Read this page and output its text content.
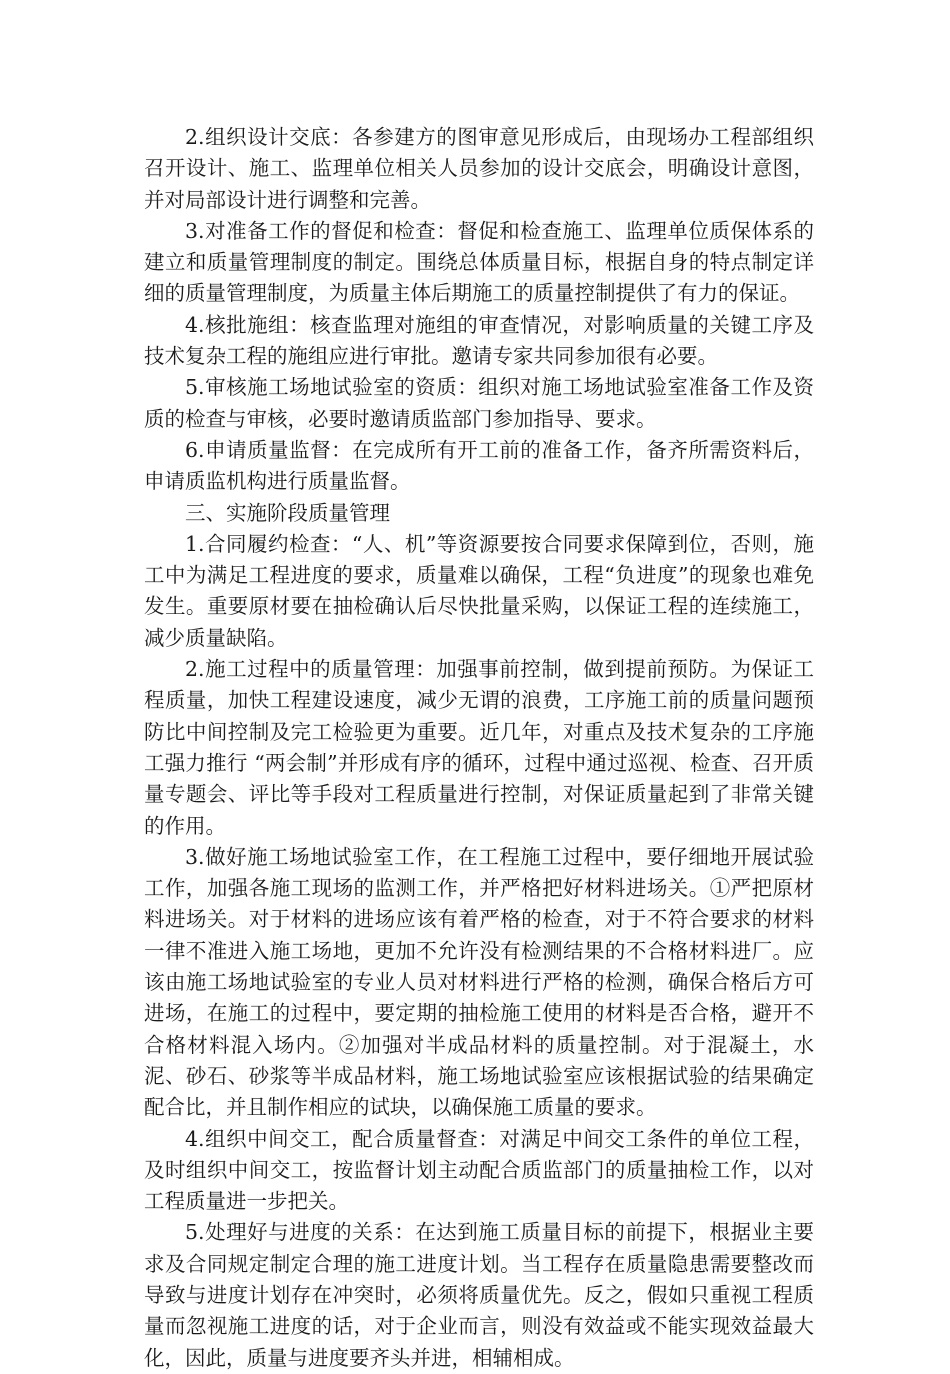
2.组织设计交底：各参建方的图审意见形成后，由现场办工程部组织召开设计、施工、监理单位相关人员参加的设计交底会，明确设计意图，并对局部设计进行调整和完善。

3.对准备工作的督促和检查：督促和检查施工、监理单位质保体系的建立和质量管理制度的制定。围绕总体质量目标，根据自身的特点制定详细的质量管理制度，为质量主体后期施工的质量控制提供了有力的保证。

4.核批施组：核查监理对施组的审查情况，对影响质量的关键工序及技术复杂工程的施组应进行审批。邀请专家共同参加很有必要。

5.审核施工场地试验室的资质：组织对施工场地试验室准备工作及资质的检查与审核，必要时邀请质监部门参加指导、要求。

6.申请质量监督：在完成所有开工前的准备工作，备齐所需资料后，申请质监机构进行质量监督。

三、实施阶段质量管理

1.合同履约检查：“人、机”等资源要按合同要求保障到位，否则，施工中为满足工程进度的要求，质量难以确保，工程“负进度”的现象也难免发生。重要原材要在抽检确认后尽快批量采购，以保证工程的连续施工，减少质量缺陷。

2.施工过程中的质量管理：加强事前控制，做到提前预防。为保证工程质量，加快工程建设速度，减少无谓的浪费，工序施工前的质量问题预防比中间控制及完工检验更为重要。近几年，对重点及技术复杂的工序施工强力推行 “两会制”并形成有序的循环，过程中通过巡视、检查、召开质量专题会、评比等手段对工程质量进行控制，对保证质量起到了非常关键的作用。

3.做好施工场地试验室工作，在工程施工过程中，要仔细地开展试验工作，加强各施工现场的监测工作，并严格把好材料进场关。①严把原材料进场关。对于材料的进场应该有着严格的检查，对于不符合要求的材料一律不准进入施工场地，更加不允许没有检测结果的不合格材料进厂。应该由施工场地试验室的专业人员对材料进行严格的检测，确保合格后方可进场，在施工的过程中，要定期的抽检施工使用的材料是否合格，避开不合格材料混入场内。②加强对半成品材料的质量控制。对于混凝土，水泥、砂石、砂浆等半成品材料，施工场地试验室应该根据试验的结果确定配合比，并且制作相应的试块，以确保施工质量的要求。

4.组织中间交工，配合质量督查：对满足中间交工条件的单位工程，及时组织中间交工，按监督计划主动配合质监部门的质量抽检工作，以对工程质量进一步把关。

5.处理好与进度的关系：在达到施工质量目标的前提下，根据业主要求及合同规定制定合理的施工进度计划。当工程存在质量隐患需要整改而导致与进度计划存在冲突时，必须将质量优先。反之，假如只重视工程质量而忽视施工进度的话，对于企业而言，则没有效益或不能实现效益最大化，因此，质量与进度要齐头并进，相辅相成。
